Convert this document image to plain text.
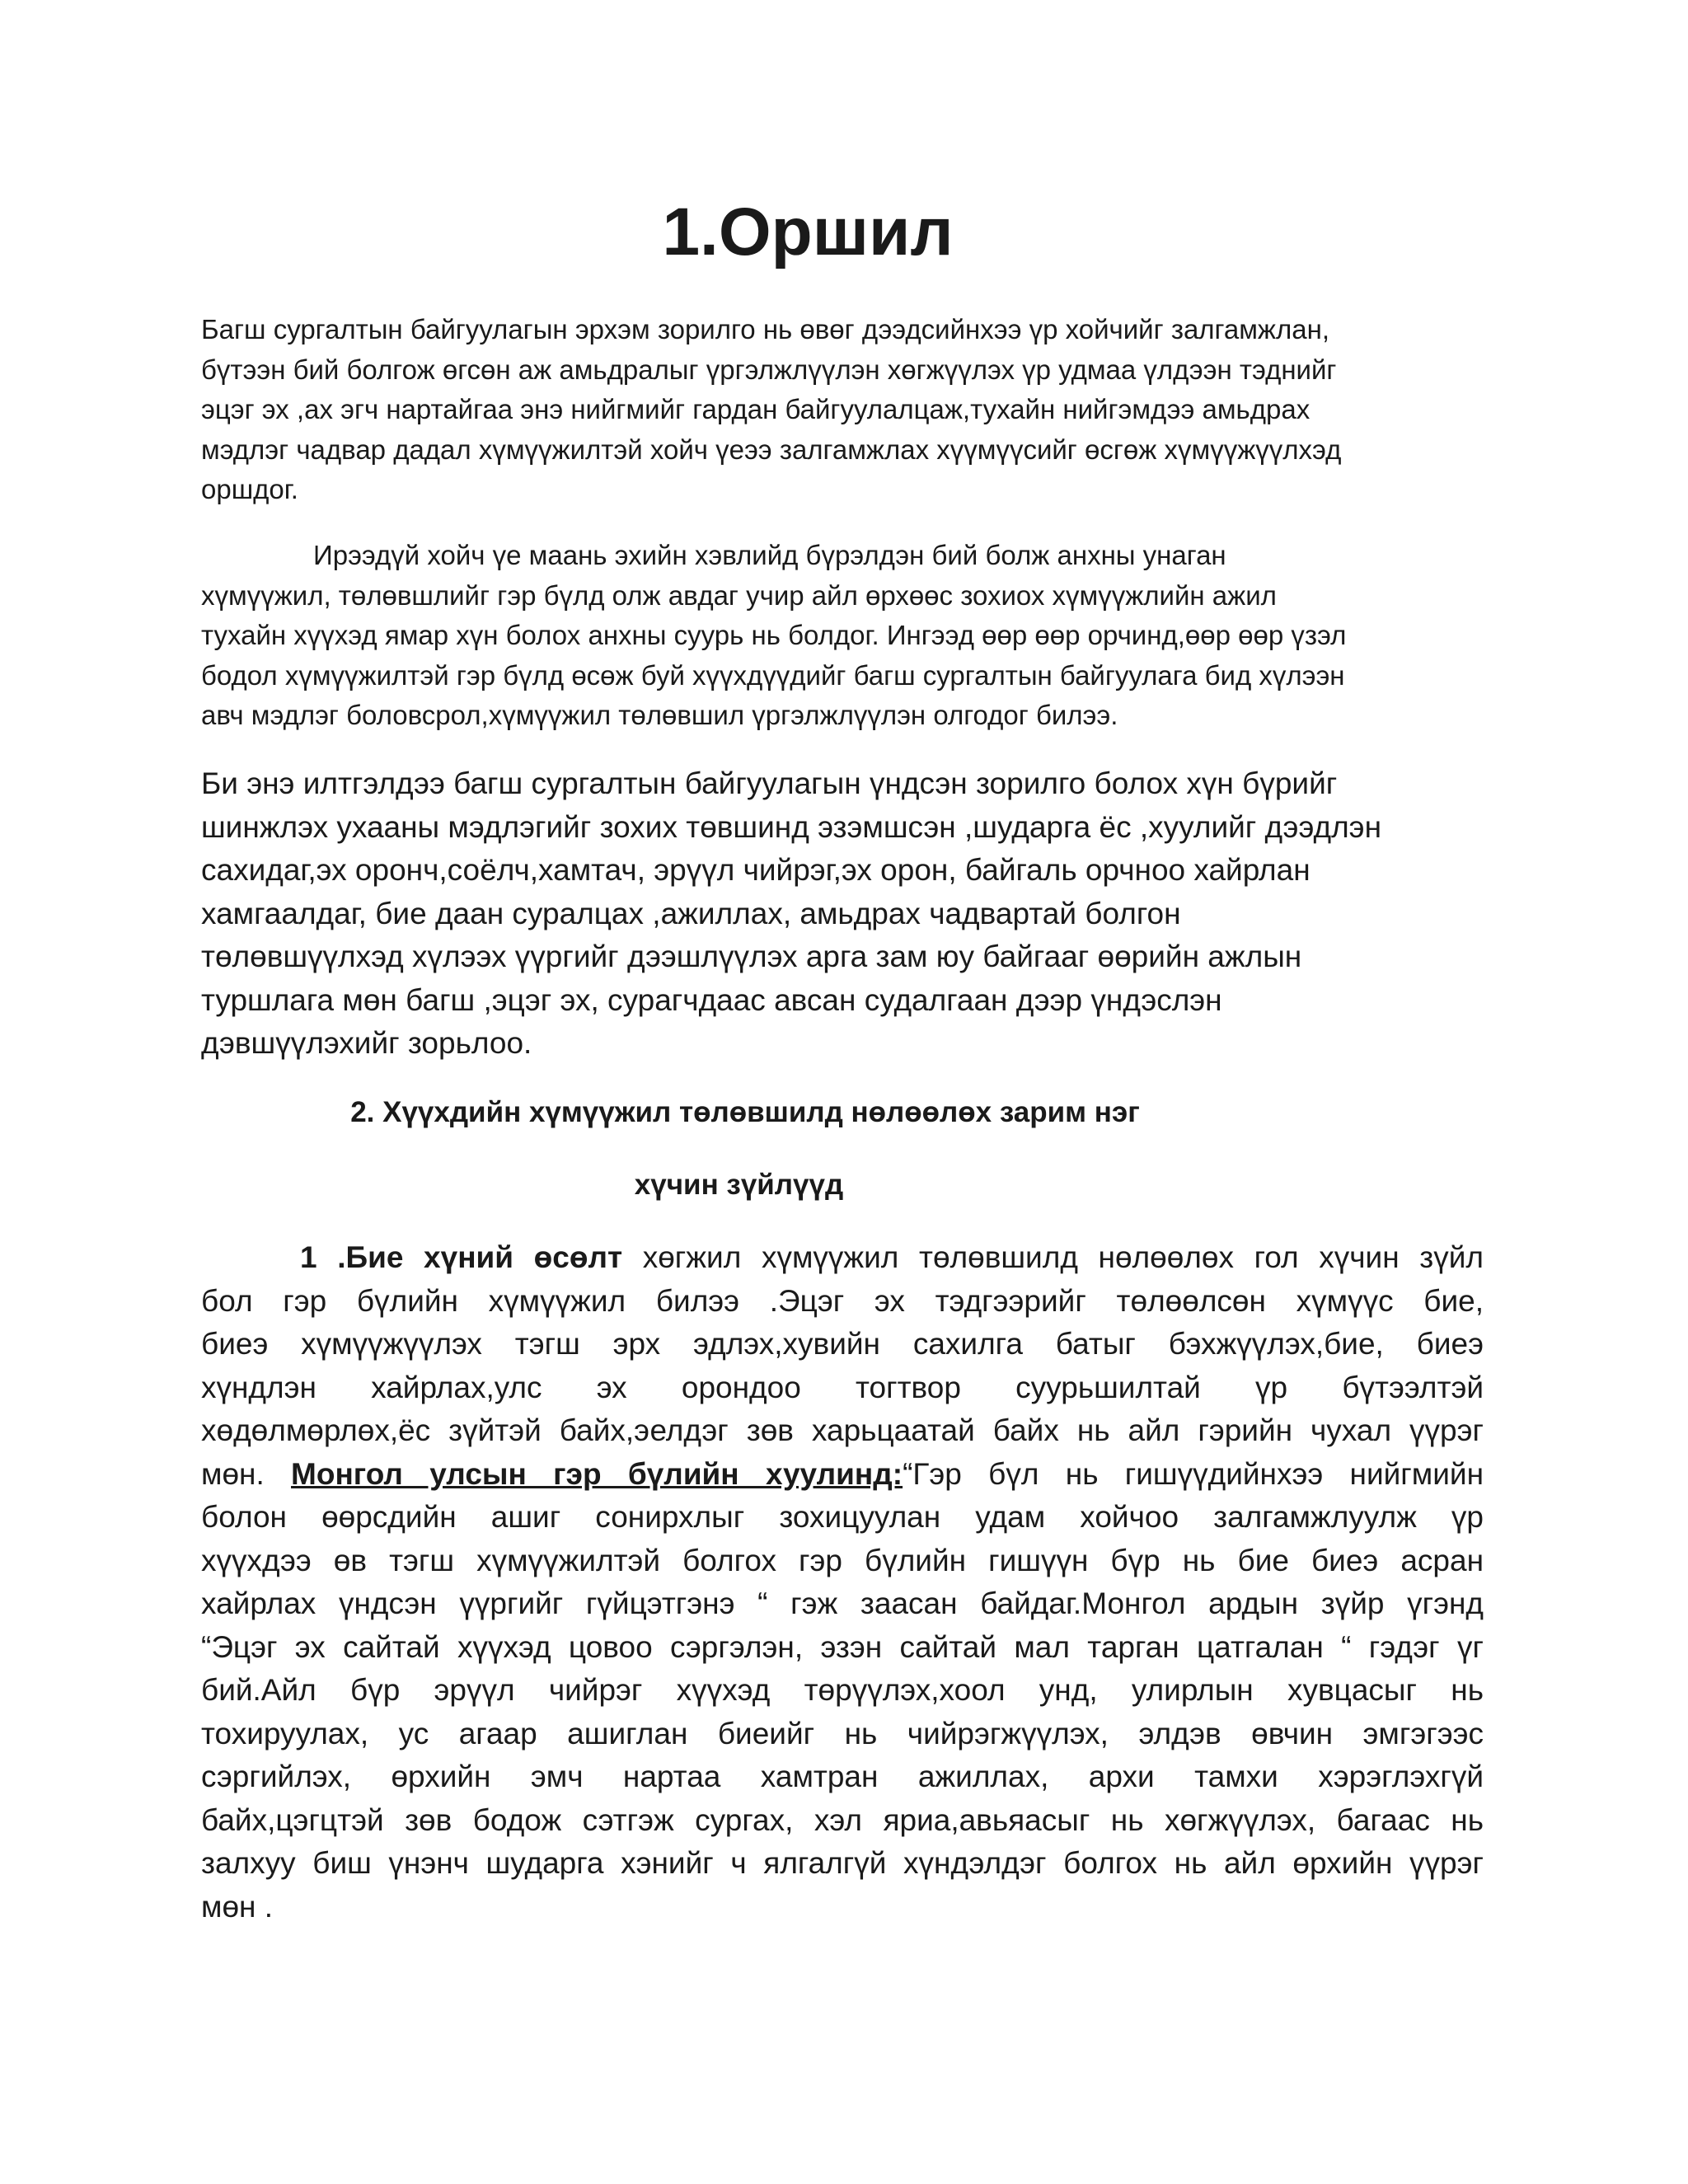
1.Оршил
Багш сургалтын байгуулагын эрхэм зорилго нь өвөг дээдсийнхээ үр хойчийг залгамжлан,
бүтээн бий болгож өгсөн аж амьдралыг үргэлжлүүлэн хөгжүүлэх үр удмаа үлдээн тэднийг
эцэг эх ,ах эгч нартайгаа энэ нийгмийг гардан байгуулалцаж,тухайн нийгэмдээ амьдрах
мэдлэг чадвар дадал хүмүүжилтэй хойч үеээ залгамжлах хүүмүүсийг өсгөж хүмүүжүүлхэд
оршдог.
Ирээдүй хойч үе маань эхийн хэвлийд бүрэлдэн бий болж анхны унаган
хүмүүжил, төлөвшлийг гэр бүлд олж авдаг учир айл өрхөөс зохиох хүмүүжлийн ажил
тухайн хүүхэд ямар хүн болох анхны суурь нь болдог. Ингээд өөр өөр орчинд,өөр өөр үзэл
бодол хүмүүжилтэй гэр бүлд өсөж буй хүүхдүүдийг багш сургалтын байгуулага бид хүлээн
авч мэдлэг боловсрол,хүмүүжил төлөвшил үргэлжлүүлэн олгодог билээ.
Би энэ илтгэлдээ багш сургалтын байгуулагын үндсэн зорилго болох хүн бүрийг
шинжлэх ухааны мэдлэгийг зохих төвшинд эзэмшсэн ,шударга ёс ,хуулийг дээдлэн
сахидаг,эх оронч,соёлч,хамтач, эрүүл чийрэг,эх орон, байгаль орчноо хайрлан
хамгаалдаг, бие даан суралцах ,ажиллах, амьдрах чадвартай болгон
төлөвшүүлхэд хүлээх үүргийг дээшлүүлэх арга зам юу байгааг өөрийн ажлын
туршлага мөн багш ,эцэг эх, сурагчдаас авсан судалгаан дээр үндэслэн
дэвшүүлэхийг зорьлоо.
2. Хүүхдийн хүмүүжил төлөвшилд нөлөөлөх зарим нэг
хүчин зүйлүүд
1 .Бие хүний өсөлт хөгжил хүмүүжил төлөвшилд нөлөөлөх гол хүчин зүйл
бол гэр бүлийн хүмүүжил билээ .Эцэг эх тэдгээрийг төлөөлсөн хүмүүс бие,
биеэ хүмүүжүүлэх тэгш эрх эдлэх,хувийн сахилга батыг бэхжүүлэх,бие, биеэ
хүндлэн хайрлах,улс эх орондоо тогтвор суурьшилтай үр бүтээлтэй
хөдөлмөрлөх,ёс зүйтэй байх,эелдэг зөв харьцаатай байх нь айл гэрийн чухал үүрэг
мөн. Монгол улсын гэр бүлийн хуулинд:“Гэр бүл нь гишүүдийнхээ нийгмийн
болон өөрсдийн ашиг сонирхлыг зохицуулан удам хойчоо залгамжлуулж үр
хүүхдээ өв тэгш хүмүүжилтэй болгох гэр бүлийн гишүүн бүр нь бие биеэ асран
хайрлах үндсэн үүргийг гүйцэтгэнэ “ гэж заасан байдаг.Монгол ардын зүйр үгэнд
“Эцэг эх сайтай хүүхэд цовоо сэргэлэн, эзэн сайтай мал тарган цатгалан “ гэдэг үг
бий.Айл бүр эрүүл чийрэг хүүхэд төрүүлэх,хоол унд, улирлын хувцасыг нь
тохируулах, ус агаар ашиглан биеийг нь чийрэгжүүлэх, элдэв өвчин эмгэгээс
сэргийлэх, өрхийн эмч нартаа хамтран ажиллах, архи тамхи хэрэглэхгүй
байх,цэгцтэй зөв бодож сэтгэж сургах, хэл яриа,авьяасыг нь хөгжүүлэх, багаас нь
залхуу биш үнэнч шударга хэнийг ч ялгалгүй хүндэлдэг болгох нь айл өрхийн үүрэг
мөн .
